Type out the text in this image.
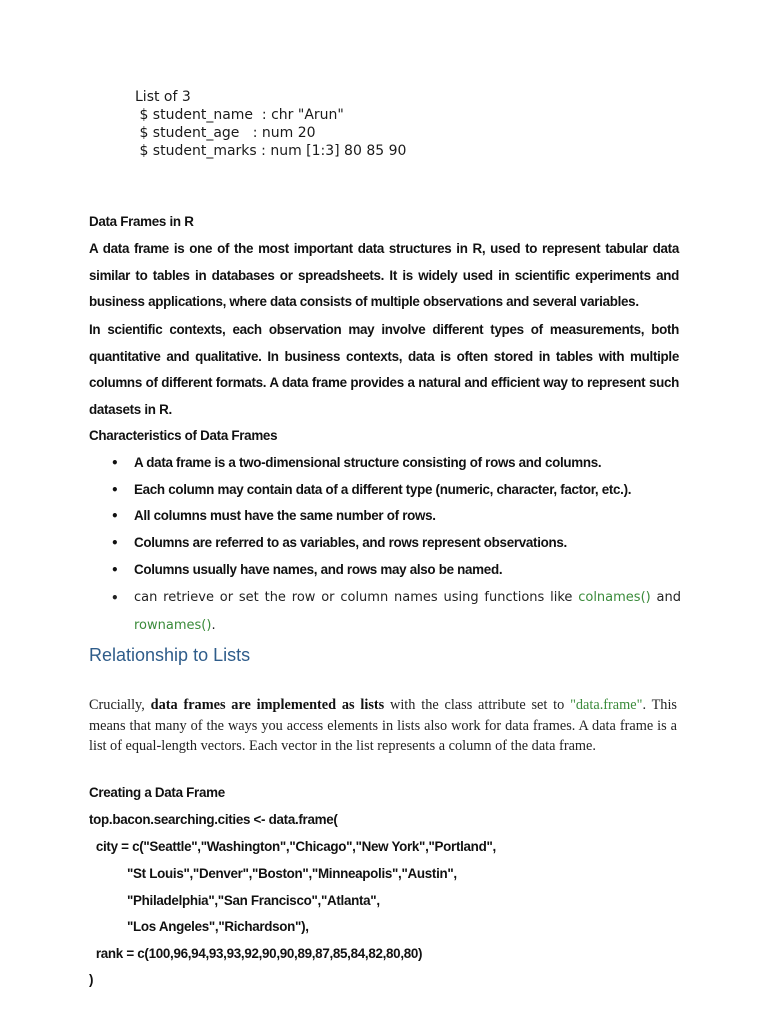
List of 3
$ student_name  : chr "Arun"
$ student_age   : num 20
$ student_marks : num [1:3] 80 85 90
Data Frames in R
A data frame is one of the most important data structures in R, used to represent tabular data similar to tables in databases or spreadsheets. It is widely used in scientific experiments and business applications, where data consists of multiple observations and several variables.
In scientific contexts, each observation may involve different types of measurements, both quantitative and qualitative. In business contexts, data is often stored in tables with multiple columns of different formats. A data frame provides a natural and efficient way to represent such datasets in R.
Characteristics of Data Frames
• A data frame is a two-dimensional structure consisting of rows and columns.
• Each column may contain data of a different type (numeric, character, factor, etc.).
• All columns must have the same number of rows.
• Columns are referred to as variables, and rows represent observations.
• Columns usually have names, and rows may also be named.
• can retrieve or set the row or column names using functions like colnames() and rownames().
Relationship to Lists
Crucially, data frames are implemented as lists with the class attribute set to "data.frame". This means that many of the ways you access elements in lists also work for data frames. A data frame is a list of equal-length vectors. Each vector in the list represents a column of the data frame.
Creating a Data Frame
top.bacon.searching.cities <- data.frame(
city = c("Seattle","Washington","Chicago","New York","Portland",
"St Louis","Denver","Boston","Minneapolis","Austin",
"Philadelphia","San Francisco","Atlanta",
"Los Angeles","Richardson"),
rank = c(100,96,94,93,93,92,90,90,89,87,85,84,82,80,80)
)
